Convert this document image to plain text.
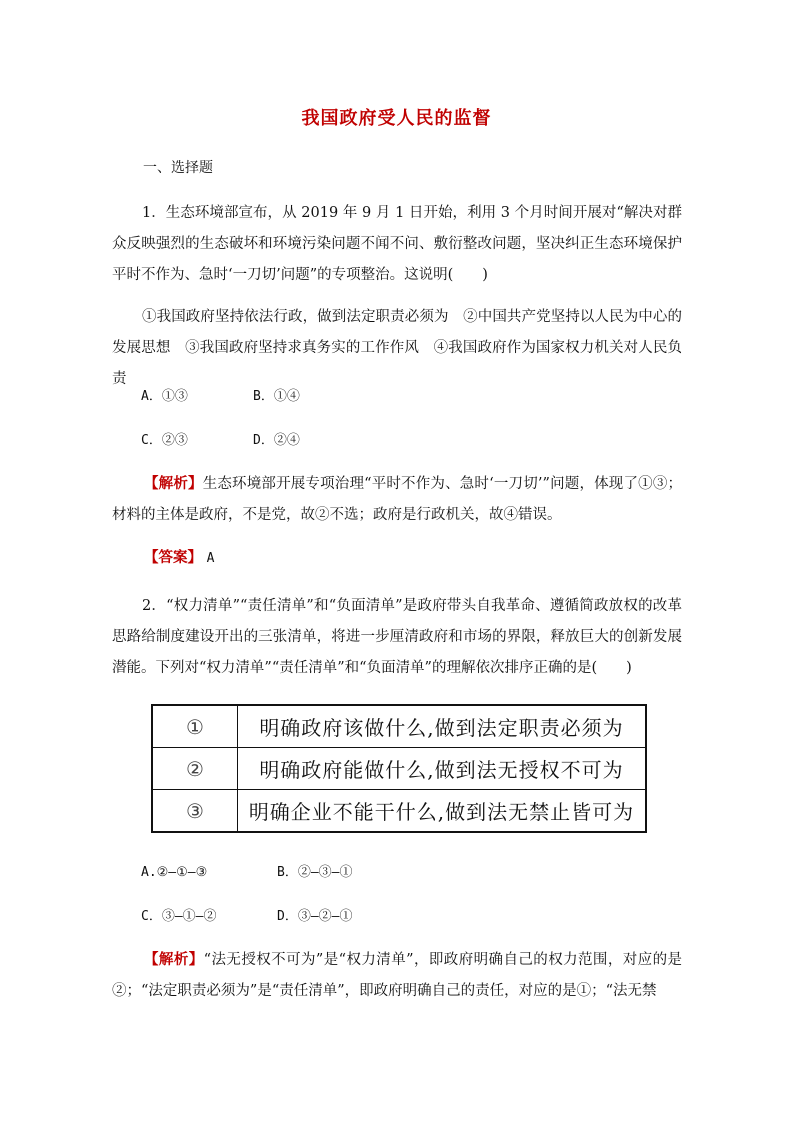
我国政府受人民的监督
一、选择题
1．生态环境部宣布，从 2019 年 9 月 1 日开始，利用 3 个月时间开展对“解决对群众反映强烈的生态破坏和环境污染问题不闻不问、敷衍整改问题，坚决纠正生态环境保护平时不作为、急时‘一刀切’问题”的专项整治。这说明(　　)
①我国政府坚持依法行政，做到法定职责必须为　②中国共产党坚持以人民为中心的发展思想　③我国政府坚持求真务实的工作作风　④我国政府作为国家权力机关对人民负责
A．①③	B．①④
C．②③	D．②④
【解析】生态环境部开展专项治理“平时不作为、急时‘一刀切’”问题，体现了①③；材料的主体是政府，不是党，故②不选；政府是行政机关，故④错误。
【答案】 A
2．“权力清单”“责任清单”和“负面清单”是政府带头自我革命、遵循简政放权的改革思路给制度建设开出的三张清单，将进一步厘清政府和市场的界限，释放巨大的创新发展潜能。下列对“权力清单”“责任清单”和“负面清单”的理解依次排序正确的是(　　)
①	明确政府该做什么,做到法定职责必须为
②	明确政府能做什么,做到法无授权不可为
③	明确企业不能干什么,做到法无禁止皆可为
A.②—①—③	B．②—③—①
C．③—①—②	D．③—②—①
【解析】“法无授权不可为”是“权力清单”，即政府明确自己的权力范围，对应的是②；“法定职责必须为”是“责任清单”，即政府明确自己的责任，对应的是①；“法无禁
